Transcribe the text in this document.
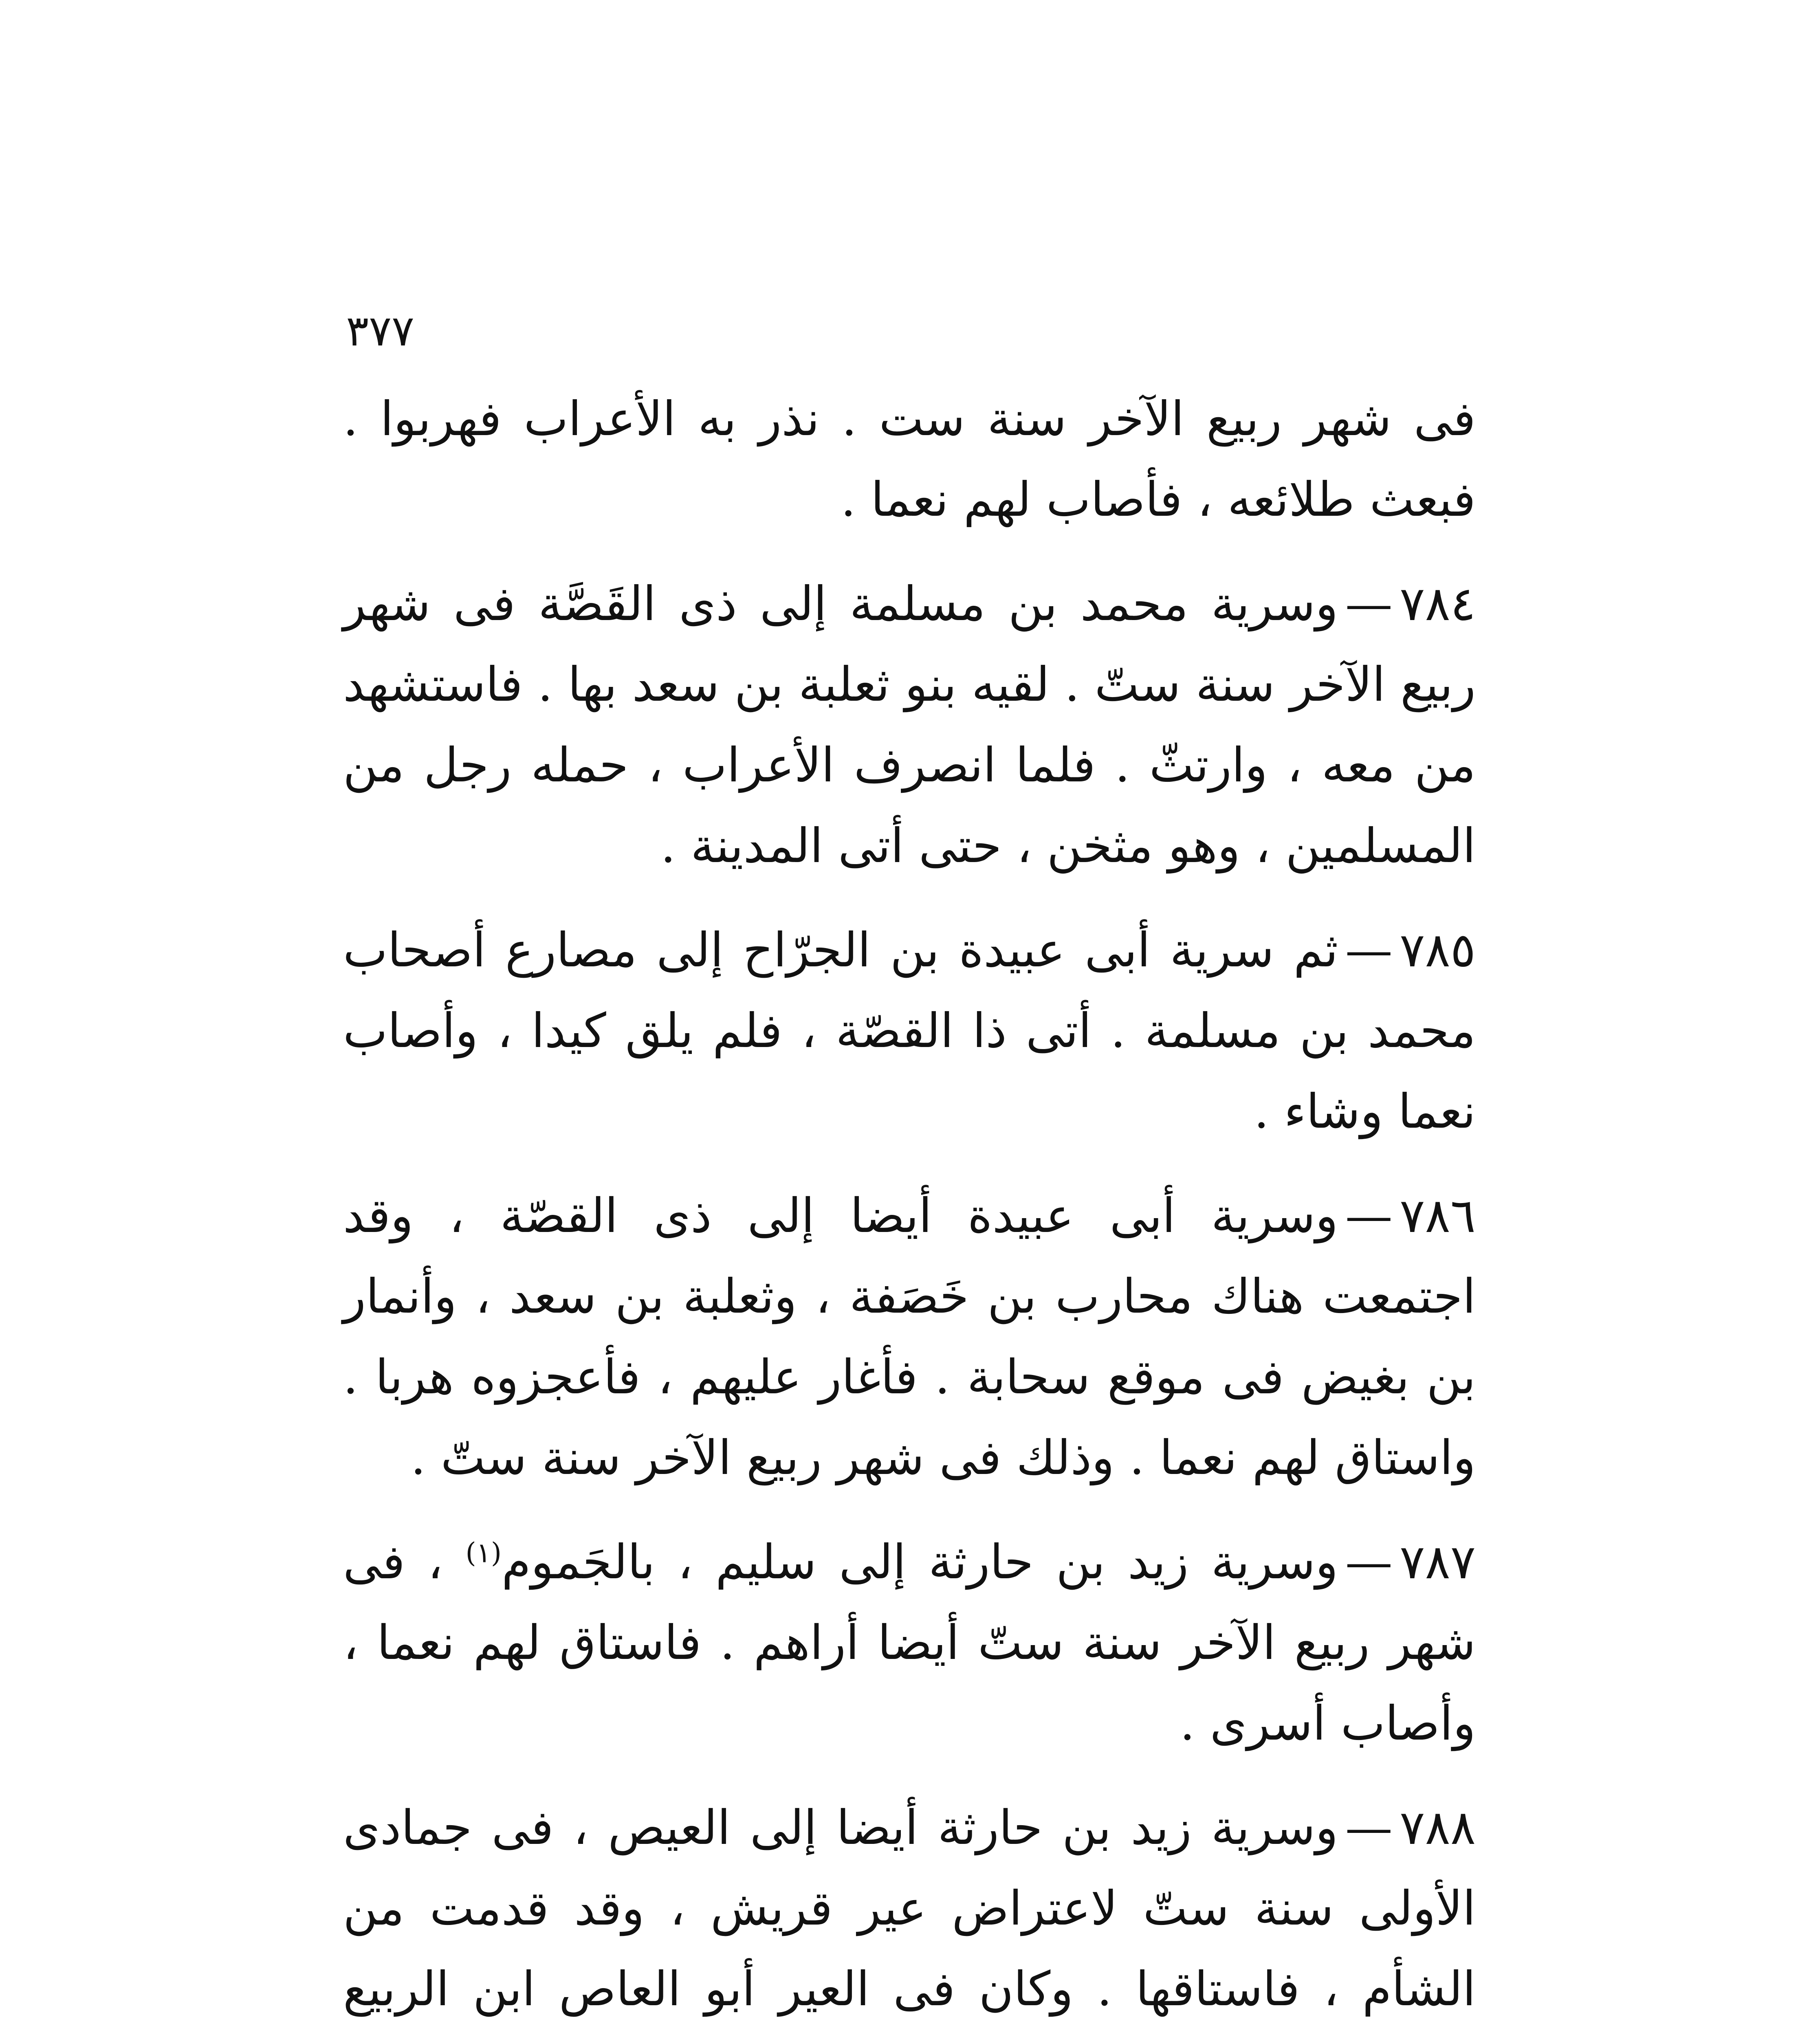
٣٧٧

فى شهر ربيع الآخر سنة ست . نذر به الأعراب فهربوا . فبعث طلائعه ، فأصاب لهم نعما .

٧٨٤—وسرية محمد بن مسلمة إلى ذى القَصَّة فى شهر ربيع الآخر سنة ستّ . لقيه بنو ثعلبة بن سعد بها . فاستشهد من معه ، وارتثّ . فلما انصرف الأعراب ، حمله رجل من المسلمين ، وهو مثخن ، حتى أتى المدينة .

٧٨٥—ثم سرية أبى عبيدة بن الجرّاح إلى مصارع أصحاب محمد بن مسلمة . أتى ذا القصّة ، فلم يلق كيدا ، وأصاب نعما وشاء .

٧٨٦—وسرية أبى عبيدة أيضا إلى ذى القصّة ، وقد اجتمعت هناك محارب بن خَصَفة ، وثعلبة بن سعد ، وأنمار بن بغيض فى موقع سحابة . فأغار عليهم ، فأعجزوه هربا . واستاق لهم نعما . وذلك فى شهر ربيع الآخر سنة ستّ .

٧٨٧—وسرية زيد بن حارثة إلى سليم ، بالجَموم$^{(١)}$ ، فى شهر ربيع الآخر سنة ستّ أيضا أراهم . فاستاق لهم نعما ، وأصاب أسرى .

٧٨٨—وسرية زيد بن حارثة أيضا إلى العيص ، فى جمادى الأولى سنة ستّ لاعتراض عير قريش ، وقد قدمت من الشأم ، فاستاقها . وكان فى العير أبو العاص ابن الربيع
